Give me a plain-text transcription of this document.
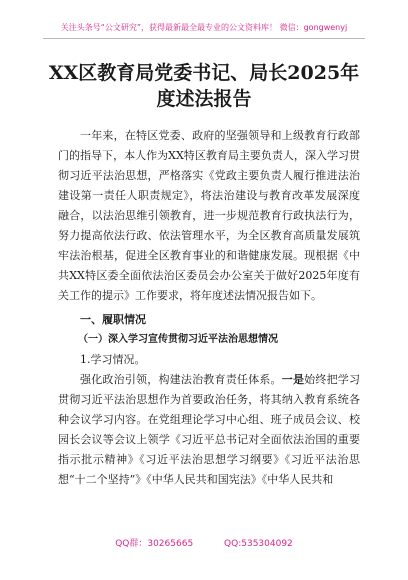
关注头条号“公文研究”，获得最新最全最专业的公文资料库！ 微信：gongwenyj
XX区教育局党委书记、局长2025年度述法报告

一年来，在特区党委、政府的坚强领导和上级教育行政部门的指导下，本人作为XX特区教育局主要负责人，深入学习贯彻习近平法治思想，严格落实《党政主要负责人履行推进法治建设第一责任人职责规定》，将法治建设与教育改革发展深度融合，以法治思维引领教育，进一步规范教育行政执法行为，努力提高依法行政、依法管理水平，为全区教育高质量发展筑牢法治根基，促进全区教育事业的和谐健康发展。现根据《中共XX特区委全面依法治区委员会办公室关于做好2025年度有关工作的提示》工作要求，将年度述法情况报告如下。

一、履职情况

（一）深入学习宣传贯彻习近平法治思想情况

1.学习情况。

强化政治引领，构建法治教育责任体系。一是始终把学习贯彻习近平法治思想作为首要政治任务，将其纳入教育系统各种会议学习内容。在党组理论学习中心组、班子成员会议、校园长会议等会议上领学《习近平总书记对全面依法治国的重要指示批示精神》《习近平法治思想学习纲要》《习近平法治思想“十二个坚持”》《中华人民共和国宪法》《中华人民共和

QQ群：30265665	QQ:535304092
